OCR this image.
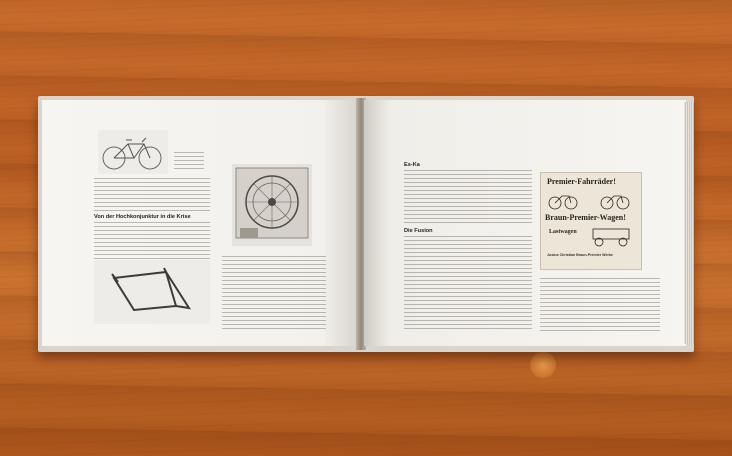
Von der Hochkonjunktur in die Krise
Es-Ka
Die Fusion
Premier-Fahrräder!
Braun-Premier-Wagen!
Lastwagen
Justus Christian Braun-Premier Werke
